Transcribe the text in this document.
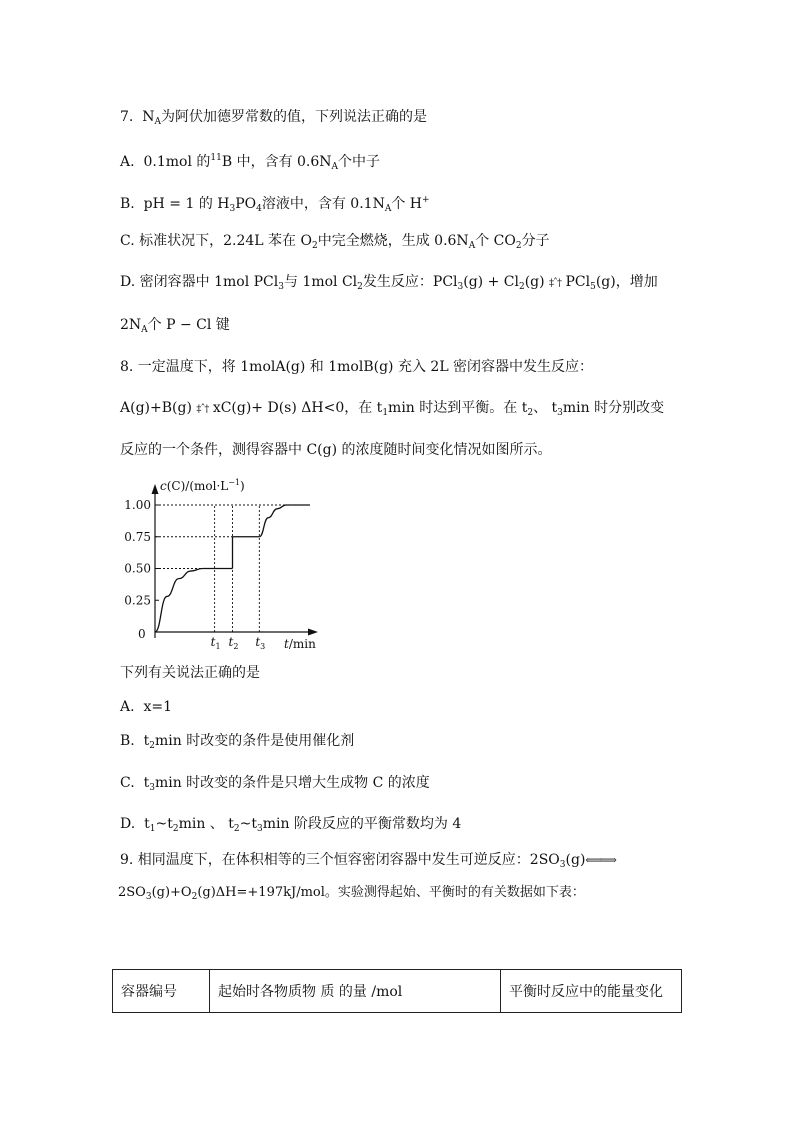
7. $N_A$为阿伏加德罗常数的值，下列说法正确的是
A. 0.1mol 的$^{11}$B 中，含有 $0.6N_A$个中子
B. pH = 1 的 $H_3PO_4$溶液中，含有 $0.1N_A$个 H+
C. 标准状况下，2.24L 苯在 $O_2$中完全燃烧，生成 $0.6N_A$个 $CO_2$分子
D. 密闭容器中 1mol PCl$_3$与 1mol $Cl_2$发生反应：$PCl_3(g) + Cl_2(g)$ ‡ˆ† PCl$_5$(g)，增加
$2N_A$个 P − Cl 键
8. 一定温度下，将 1molA(g) 和 1molB(g) 充入 2L 密闭容器中发生反应：
A(g)+B(g) ‡ˆ† xC(g)+ D(s) ΔH<0，在 $t_1\min$ 时达到平衡。在 $t_2$、 $t_3\min$ 时分别改变
反应的一个条件，测得容器中 C(g) 的浓度随时间变化情况如图所示。
$c(C)/(mol\cdot L^{-1})$
t/min
0
0.25
0.50
0.75
1.00
$t_1$ $t_2$ $t_3$
下列有关说法正确的是
A. x=1
B. $t_2\min$ 时改变的条件是使用催化剂
C. $t_3\min$ 时改变的条件是只增大生成物 C 的浓度
D. $t_1\sim t_2\min$ 、 $t_2\sim t_3\min$ 阶段反应的平衡常数均为 4
9. 相同温度下，在体积相等的三个恒容密闭容器中发生可逆反应：$2SO_3(g)⟸⟹$
$2SO_3(g)+O_2(g)\Delta H=+197kJ$/mol。实验测得起始、平衡时的有关数据如下表：
容器编号	起始时各物质物 质 的量 /mol	平衡时反应中的能量变化
